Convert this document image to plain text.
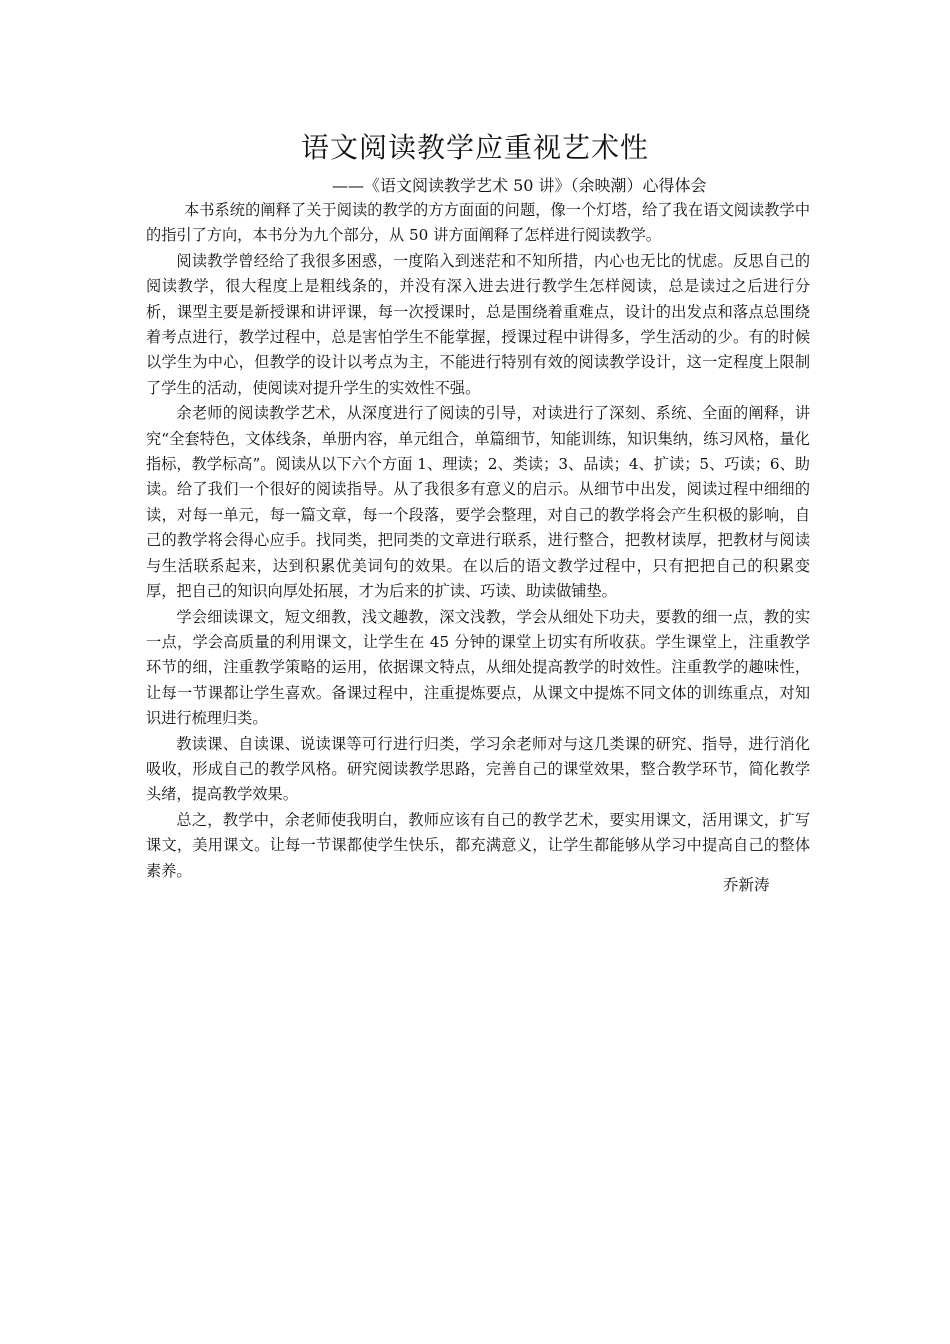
语文阅读教学应重视艺术性
——《语文阅读教学艺术 50 讲》（余映潮）心得体会

本书系统的阐释了关于阅读的教学的方方面面的问题，像一个灯塔，给了我在语文阅读教学中的指引了方向，本书分为九个部分，从 50 讲方面阐释了怎样进行阅读教学。

阅读教学曾经给了我很多困惑，一度陷入到迷茫和不知所措，内心也无比的忧虑。反思自己的阅读教学，很大程度上是粗线条的，并没有深入进去进行教学生怎样阅读，总是读过之后进行分析，课型主要是新授课和讲评课，每一次授课时，总是围绕着重难点，设计的出发点和落点总围绕着考点进行，教学过程中，总是害怕学生不能掌握，授课过程中讲得多，学生活动的少。有的时候以学生为中心，但教学的设计以考点为主，不能进行特别有效的阅读教学设计，这一定程度上限制了学生的活动，使阅读对提升学生的实效性不强。

余老师的阅读教学艺术，从深度进行了阅读的引导，对读进行了深刻、系统、全面的阐释，讲究“全套特色，文体线条，单册内容，单元组合，单篇细节，知能训练，知识集纳，练习风格，量化指标，教学标高”。阅读从以下六个方面 1、理读；2、类读；3、品读；4、扩读；5、巧读；6、助读。给了我们一个很好的阅读指导。从了我很多有意义的启示。从细节中出发，阅读过程中细细的读，对每一单元，每一篇文章，每一个段落，要学会整理，对自己的教学将会产生积极的影响，自己的教学将会得心应手。找同类，把同类的文章进行联系，进行整合，把教材读厚，把教材与阅读与生活联系起来，达到积累优美词句的效果。在以后的语文教学过程中，只有把把自己的积累变厚，把自己的知识向厚处拓展，才为后来的扩读、巧读、助读做铺垫。

学会细读课文，短文细教，浅文趣教，深文浅教，学会从细处下功夫，要教的细一点，教的实一点，学会高质量的利用课文，让学生在 45 分钟的课堂上切实有所收获。学生课堂上，注重教学环节的细，注重教学策略的运用，依据课文特点，从细处提高教学的时效性。注重教学的趣味性，让每一节课都让学生喜欢。备课过程中，注重提炼要点，从课文中提炼不同文体的训练重点，对知识进行梳理归类。

教读课、自读课、说读课等可行进行归类，学习余老师对与这几类课的研究、指导，进行消化吸收，形成自己的教学风格。研究阅读教学思路，完善自己的课堂效果，整合教学环节，简化教学头绪，提高教学效果。

总之，教学中，余老师使我明白，教师应该有自己的教学艺术，要实用课文，活用课文，扩写课文，美用课文。让每一节课都使学生快乐，都充满意义，让学生都能够从学习中提高自己的整体素养。

乔新涛
